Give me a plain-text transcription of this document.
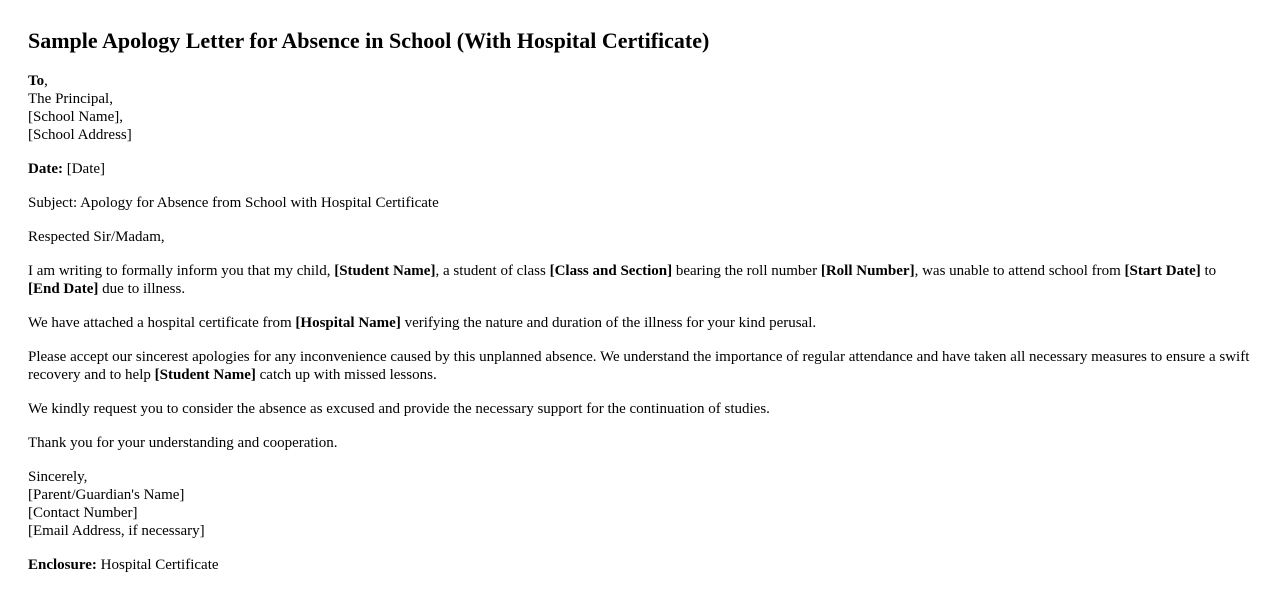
Sample Apology Letter for Absence in School (With Hospital Certificate)

To,
The Principal,
[School Name],
[School Address]

Date: [Date]

Subject: Apology for Absence from School with Hospital Certificate

Respected Sir/Madam,

I am writing to formally inform you that my child, [Student Name], a student of class [Class and Section] bearing the roll number [Roll Number], was unable to attend school from [Start Date] to [End Date] due to illness.

We have attached a hospital certificate from [Hospital Name] verifying the nature and duration of the illness for your kind perusal.

Please accept our sincerest apologies for any inconvenience caused by this unplanned absence. We understand the importance of regular attendance and have taken all necessary measures to ensure a swift recovery and to help [Student Name] catch up with missed lessons.

We kindly request you to consider the absence as excused and provide the necessary support for the continuation of studies.

Thank you for your understanding and cooperation.

Sincerely,
[Parent/Guardian's Name]
[Contact Number]
[Email Address, if necessary]

Enclosure: Hospital Certificate
